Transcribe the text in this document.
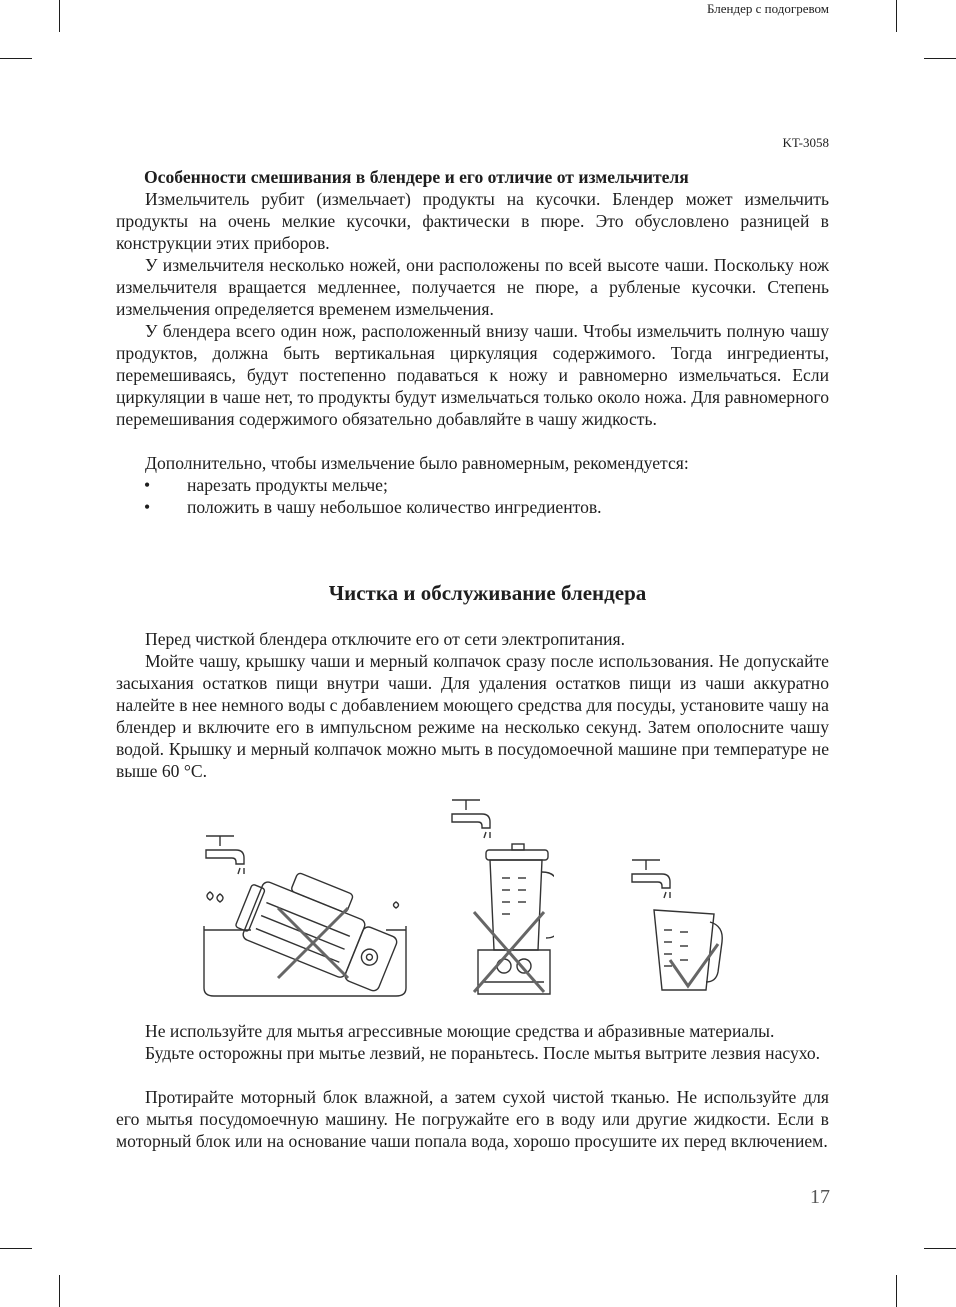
Блендер с подогревом
KT-3058
Особенности смешивания в блендере и его отличие от измельчителя
Измельчитель рубит (измельчает) продукты на кусочки. Блендер может измельчить продукты на очень мелкие кусочки, фактически в пюре. Это обусловлено разницей в конструкции этих приборов.
У измельчителя несколько ножей, они расположены по всей высоте чаши. Поскольку нож измельчителя вращается медленнее, получается не пюре, а рубленые кусочки. Степень измельчения определяется временем измельчения.
У блендера всего один нож, расположенный внизу чаши. Чтобы измельчить полную чашу продуктов, должна быть вертикальная циркуляция содержимого. Тогда ингредиенты, перемешиваясь, будут постепенно подаваться к ножу и равномерно измельчаться. Если циркуляции в чаше нет, то продукты будут измельчаться только около ножа. Для равномерного перемешивания содержимого обязательно добавляйте в чашу жидкость.
Дополнительно, чтобы измельчение было равномерным, рекомендуется:
• нарезать продукты мельче;
• положить в чашу небольшое количество ингредиентов.
Чистка и обслуживание блендера
Перед чисткой блендера отключите его от сети электропитания.
Мойте чашу, крышку чаши и мерный колпачок сразу после использования. Не допускайте засыхания остатков пищи внутри чаши. Для удаления остатков пищи из чаши аккуратно налейте в нее немного воды с добавлением моющего средства для посуды, установите чашу на блендер и включите его в импульсном режиме на несколько секунд. Затем ополосните чашу водой. Крышку и мерный колпачок можно мыть в посудомоечной машине при температуре не выше 60 °С.
Не используйте для мытья агрессивные моющие средства и абразивные материалы.
Будьте осторожны при мытье лезвий, не пораньтесь. После мытья вытрите лезвия насухо.
Протирайте моторный блок влажной, а затем сухой чистой тканью. Не используйте для его мытья посудомоечную машину. Не погружайте его в воду или другие жидкости. Если в моторный блок или на основание чаши попала вода, хорошо просушите их перед включением.
17
